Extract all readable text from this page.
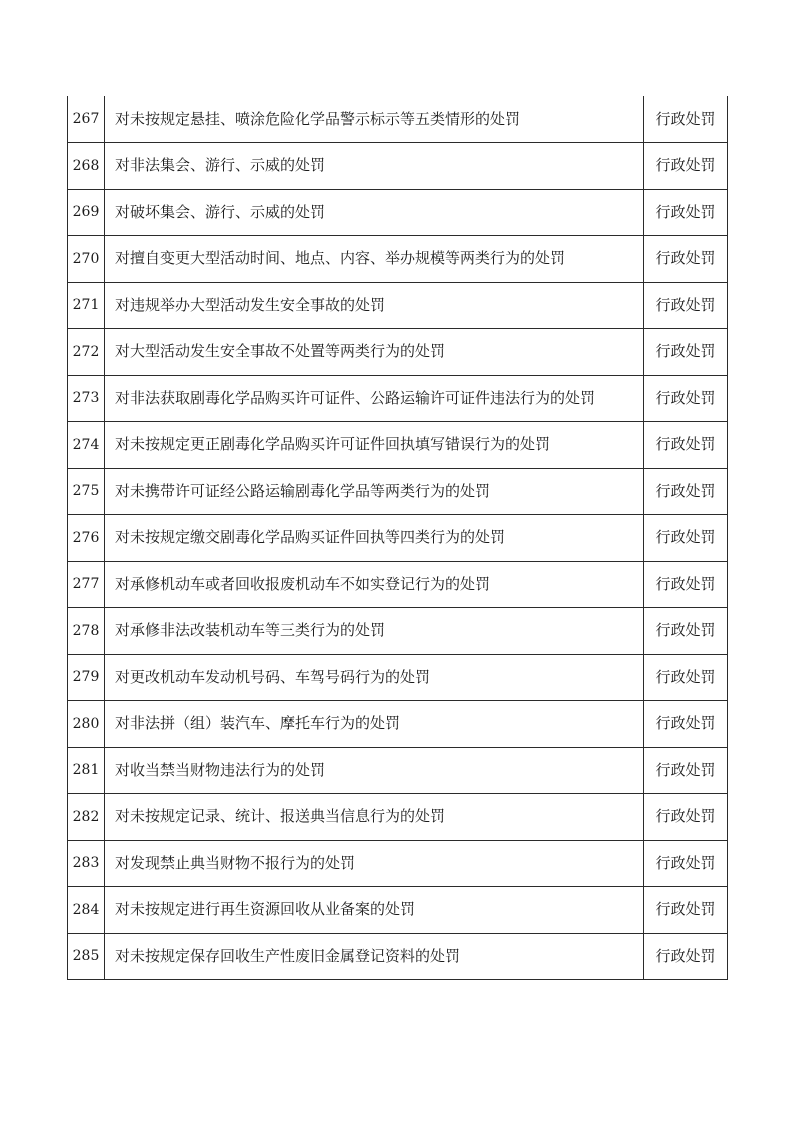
267	对未按规定悬挂、喷涂危险化学品警示标示等五类情形的处罚	行政处罚
268	对非法集会、游行、示威的处罚	行政处罚
269	对破坏集会、游行、示威的处罚	行政处罚
270	对擅自变更大型活动时间、地点、内容、举办规模等两类行为的处罚	行政处罚
271	对违规举办大型活动发生安全事故的处罚	行政处罚
272	对大型活动发生安全事故不处置等两类行为的处罚	行政处罚
273	对非法获取剧毒化学品购买许可证件、公路运输许可证件违法行为的处罚	行政处罚
274	对未按规定更正剧毒化学品购买许可证件回执填写错误行为的处罚	行政处罚
275	对未携带许可证经公路运输剧毒化学品等两类行为的处罚	行政处罚
276	对未按规定缴交剧毒化学品购买证件回执等四类行为的处罚	行政处罚
277	对承修机动车或者回收报废机动车不如实登记行为的处罚	行政处罚
278	对承修非法改装机动车等三类行为的处罚	行政处罚
279	对更改机动车发动机号码、车驾号码行为的处罚	行政处罚
280	对非法拼（组）装汽车、摩托车行为的处罚	行政处罚
281	对收当禁当财物违法行为的处罚	行政处罚
282	对未按规定记录、统计、报送典当信息行为的处罚	行政处罚
283	对发现禁止典当财物不报行为的处罚	行政处罚
284	对未按规定进行再生资源回收从业备案的处罚	行政处罚
285	对未按规定保存回收生产性废旧金属登记资料的处罚	行政处罚
